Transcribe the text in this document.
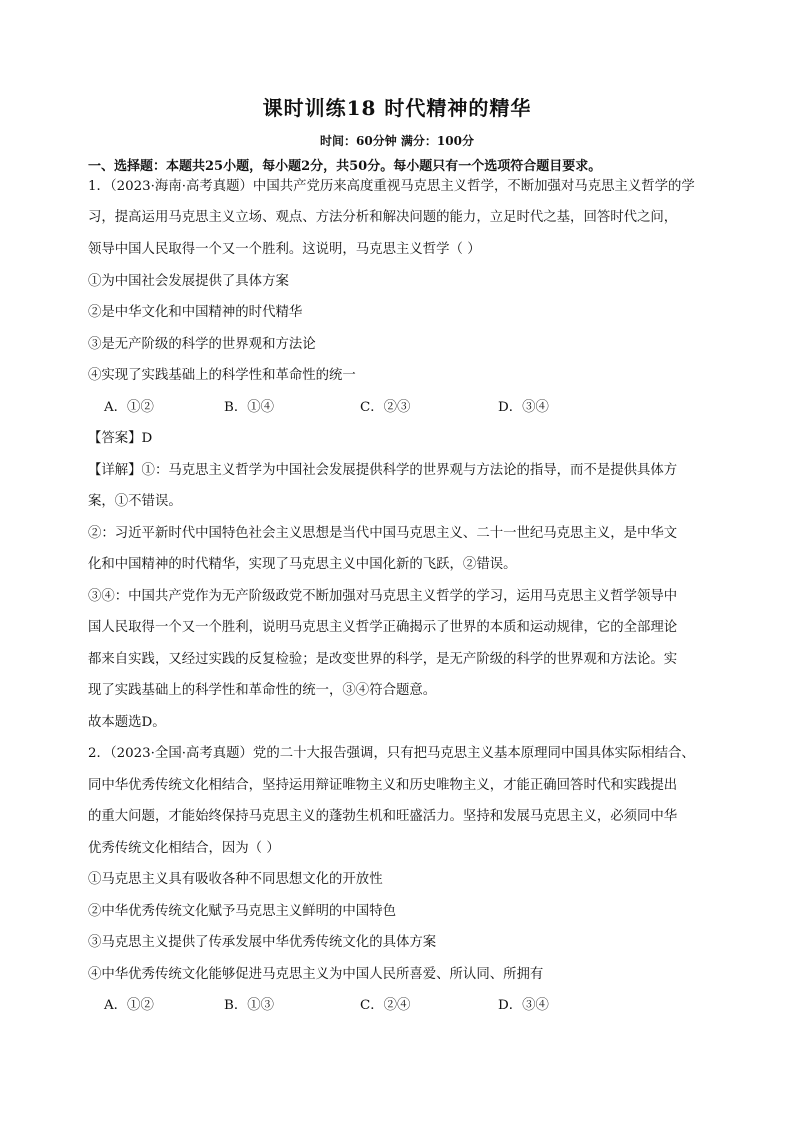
课时训练18 时代精神的精华
时间：60分钟 满分：100分
一、选择题：本题共25小题，每小题2分，共50分。每小题只有一个选项符合题目要求。
1．（2023·海南·高考真题）中国共产党历来高度重视马克思主义哲学，不断加强对马克思主义哲学的学
习，提高运用马克思主义立场、观点、方法分析和解决问题的能力，立足时代之基，回答时代之问，
领导中国人民取得一个又一个胜利。这说明，马克思主义哲学（ ）
①为中国社会发展提供了具体方案
②是中华文化和中国精神的时代精华
③是无产阶级的科学的世界观和方法论
④实现了实践基础上的科学性和革命性的统一
A．①②	B．①④	C．②③	D．③④
【答案】D
【详解】①：马克思主义哲学为中国社会发展提供科学的世界观与方法论的指导，而不是提供具体方
案，①不错误。
②：习近平新时代中国特色社会主义思想是当代中国马克思主义、二十一世纪马克思主义，是中华文
化和中国精神的时代精华，实现了马克思主义中国化新的飞跃，②错误。
③④：中国共产党作为无产阶级政党不断加强对马克思主义哲学的学习，运用马克思主义哲学领导中
国人民取得一个又一个胜利，说明马克思主义哲学正确揭示了世界的本质和运动规律，它的全部理论
都来自实践，又经过实践的反复检验；是改变世界的科学，是无产阶级的科学的世界观和方法论。实
现了实践基础上的科学性和革命性的统一，③④符合题意。
故本题选D。
2．（2023·全国·高考真题）党的二十大报告强调，只有把马克思主义基本原理同中国具体实际相结合、
同中华优秀传统文化相结合，坚持运用辩证唯物主义和历史唯物主义，才能正确回答时代和实践提出
的重大问题，才能始终保持马克思主义的蓬勃生机和旺盛活力。坚持和发展马克思主义，必须同中华
优秀传统文化相结合，因为（ ）
①马克思主义具有吸收各种不同思想文化的开放性
②中华优秀传统文化赋予马克思主义鲜明的中国特色
③马克思主义提供了传承发展中华优秀传统文化的具体方案
④中华优秀传统文化能够促进马克思主义为中国人民所喜爱、所认同、所拥有
A．①②	B．①③	C．②④	D．③④
